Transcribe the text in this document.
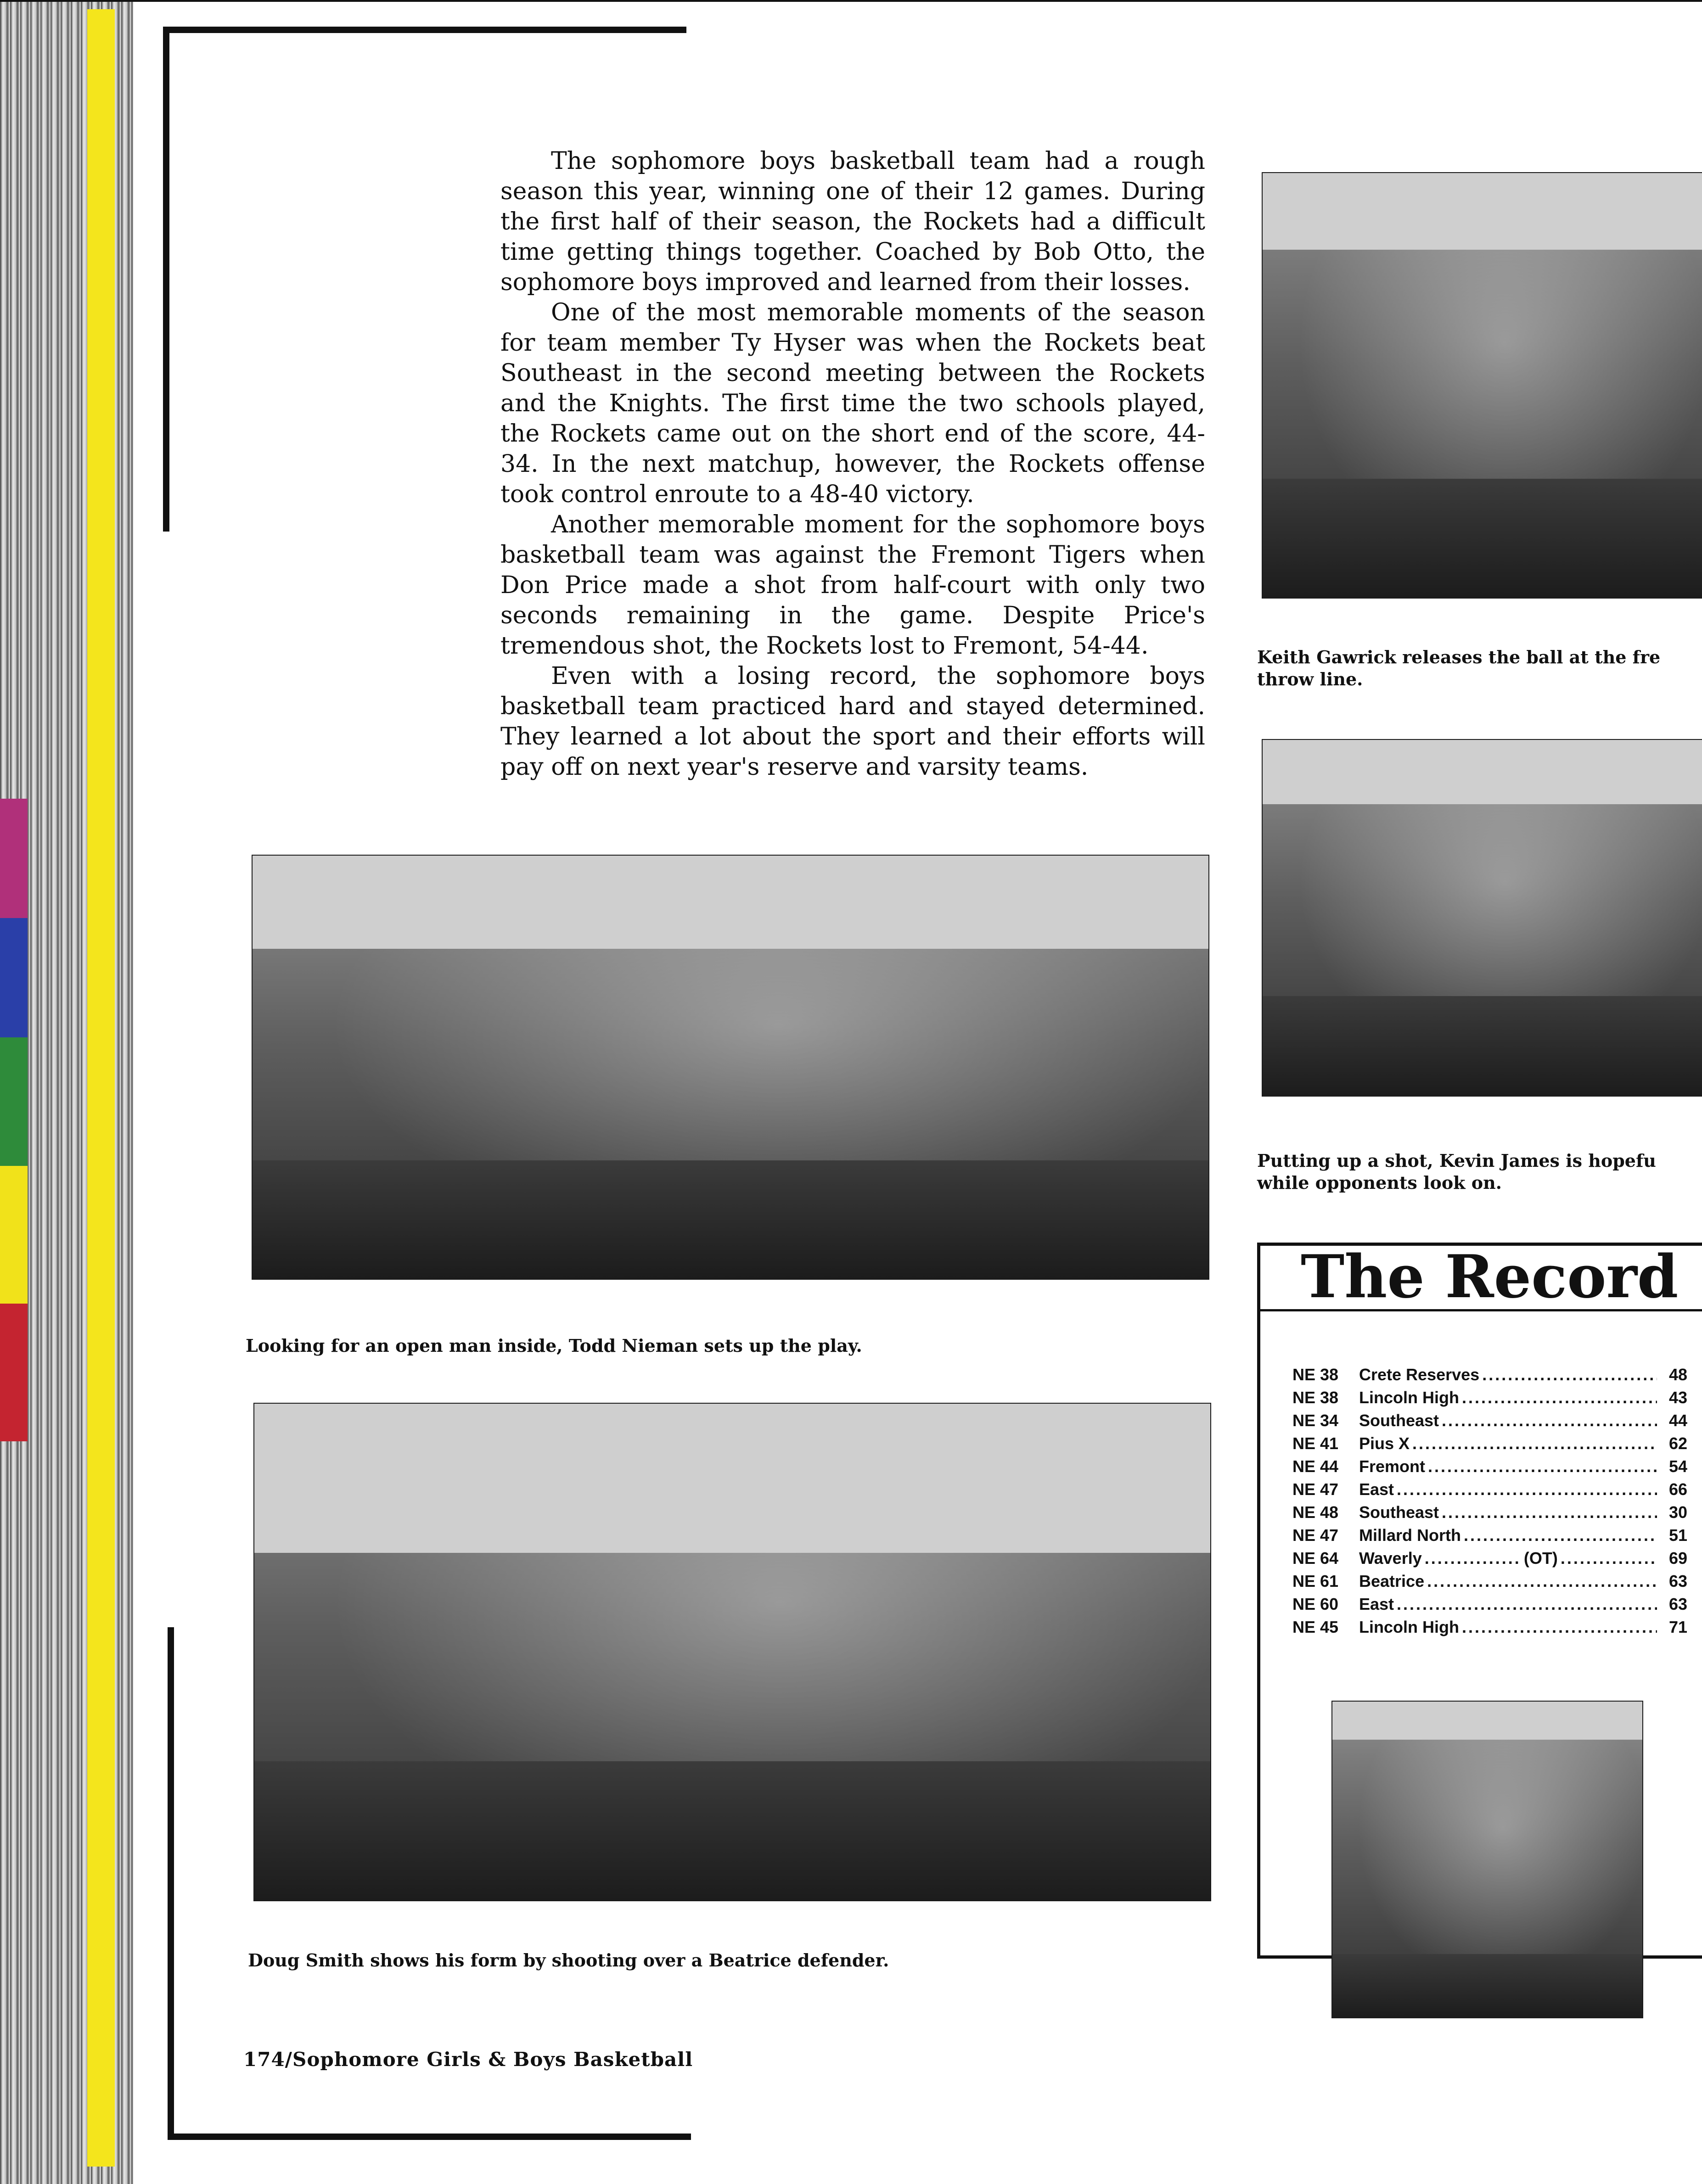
The sophomore boys basketball team had a rough season this year, winning one of their 12 games. During the first half of their season, the Rockets had a difficult time getting things together. Coached by Bob Otto, the sophomore boys improved and learned from their losses.

One of the most memorable moments of the season for team member Ty Hyser was when the Rockets beat Southeast in the second meeting between the Rockets and the Knights. The first time the two schools played, the Rockets came out on the short end of the score, 44-34. In the next matchup, however, the Rockets offense took control enroute to a 48-40 victory.

Another memorable moment for the sophomore boys basketball team was against the Fremont Tigers when Don Price made a shot from half-court with only two seconds remaining in the game. Despite Price's tremendous shot, the Rockets lost to Fremont, 54-44.

Even with a losing record, the sophomore boys basketball team practiced hard and stayed determined. They learned a lot about the sport and their efforts will pay off on next year's reserve and varsity teams.

Keith Gawrick releases the ball at the fre throw line.
Putting up a shot, Kevin James is hopefu while opponents look on.
Looking for an open man inside, Todd Nieman sets up the play.
Doug Smith shows his form by shooting over a Beatrice defender.
The Record
NE 38	Crete Reserves .....	48
NE 38	Lincoln High .....	43
NE 34	Southeast .....	44
NE 41	Pius X .....	62
NE 44	Fremont .....	54
NE 47	East .....	66
NE 48	Southeast .....	30
NE 47	Millard North .....	51
NE 64	Waverly .....	(OT) .....	69
NE 61	Beatrice .....	63
NE 60	East .....	63
NE 45	Lincoln High .....	71
174/Sophomore Girls & Boys Basketball
